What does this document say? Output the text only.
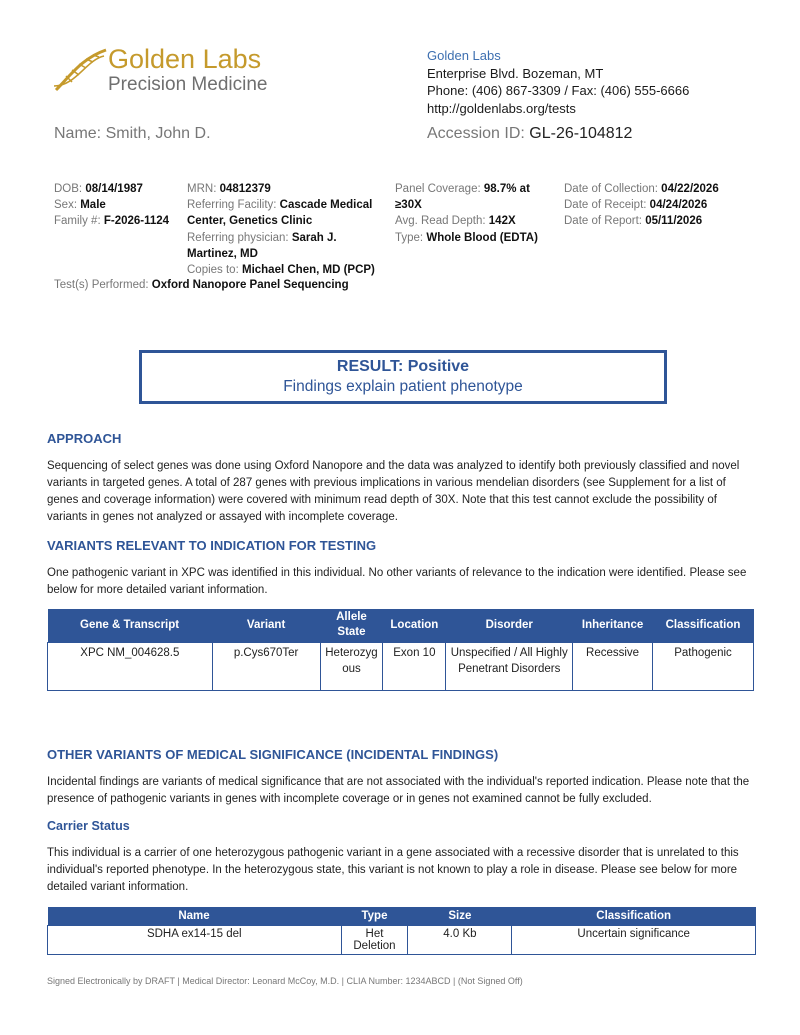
Golden Labs
Precision Medicine
Golden Labs
Enterprise Blvd. Bozeman, MT
Phone: (406) 867-3309 / Fax: (406) 555-6666
http://goldenlabs.org/tests
Name: Smith, John D.	Accession ID: GL-26-104812
DOB: 08/14/1987
Sex: Male
Family #: F-2026-1124
MRN: 04812379
Referring Facility: Cascade Medical
Center, Genetics Clinic
Referring physician: Sarah J.
Martinez, MD
Copies to: Michael Chen, MD (PCP)
Panel Coverage: 98.7% at
≥30X
Avg. Read Depth: 142X
Type: Whole Blood (EDTA)
Date of Collection: 04/22/2026
Date of Receipt: 04/24/2026
Date of Report: 05/11/2026
Test(s) Performed: Oxford Nanopore Panel Sequencing
RESULT: Positive
Findings explain patient phenotype
APPROACH
Sequencing of select genes was done using Oxford Nanopore and the data was analyzed to identify both previously classified and novel variants in targeted genes. A total of 287 genes with previous implications in various mendelian disorders (see Supplement for a list of genes and coverage information) were covered with minimum read depth of 30X. Note that this test cannot exclude the possibility of variants in genes not analyzed or assayed with incomplete coverage.
VARIANTS RELEVANT TO INDICATION FOR TESTING
One pathogenic variant in XPC was identified in this individual. No other variants of relevance to the indication were identified. Please see below for more detailed variant information.
Gene & Transcript	Variant	Allele State	Location	Disorder	Inheritance	Classification
XPC NM_004628.5	p.Cys670Ter	Heterozygous	Exon 10	Unspecified / All Highly Penetrant Disorders	Recessive	Pathogenic
OTHER VARIANTS OF MEDICAL SIGNIFICANCE (INCIDENTAL FINDINGS)
Incidental findings are variants of medical significance that are not associated with the individual's reported indication. Please note that the presence of pathogenic variants in genes with incomplete coverage or in genes not examined cannot be fully excluded.
Carrier Status
This individual is a carrier of one heterozygous pathogenic variant in a gene associated with a recessive disorder that is unrelated to this individual's reported phenotype. In the heterozygous state, this variant is not known to play a role in disease. Please see below for more detailed variant information.
Name	Type	Size	Classification
SDHA ex14-15 del	Het Deletion	4.0 Kb	Uncertain significance
Signed Electronically by DRAFT | Medical Director: Leonard McCoy, M.D. | CLIA Number: 1234ABCD | (Not Signed Off)
